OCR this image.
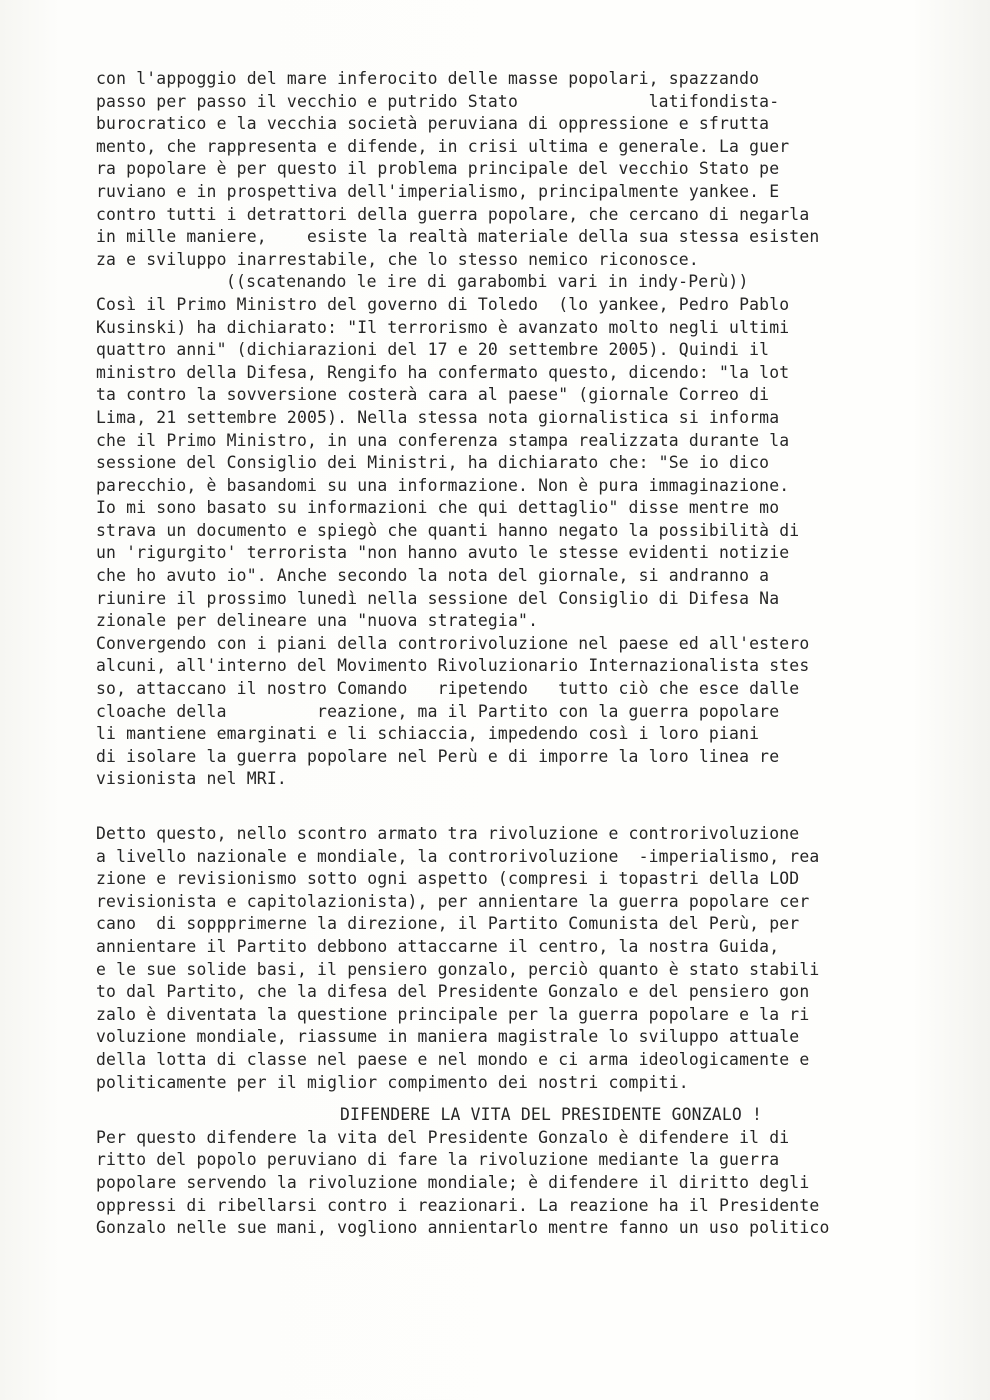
con l'appoggio del mare inferocito delle masse popolari, spazzando
passo per passo il vecchio e putrido Stato             latifondista-
burocratico e la vecchia società peruviana di oppressione e sfrutta
mento, che rappresenta e difende, in crisi ultima e generale. La guer
ra popolare è per questo il problema principale del vecchio Stato pe
ruviano e in prospettiva dell'imperialismo, principalmente yankee. E
contro tutti i detrattori della guerra popolare, che cercano di negarla
in mille maniere,    esiste la realtà materiale della sua stessa esisten
za e sviluppo inarrestabile, che lo stesso nemico riconosce.
((scatenando le ire di garabombi vari in indy-Perù))
Così il Primo Ministro del governo di Toledo  (lo yankee, Pedro Pablo
Kusinski) ha dichiarato: "Il terrorismo è avanzato molto negli ultimi
quattro anni" (dichiarazioni del 17 e 20 settembre 2005). Quindi il
ministro della Difesa, Rengifo ha confermato questo, dicendo: "la lot
ta contro la sovversione costerà cara al paese" (giornale Correo di
Lima, 21 settembre 2005). Nella stessa nota giornalistica si informa
che il Primo Ministro, in una conferenza stampa realizzata durante la
sessione del Consiglio dei Ministri, ha dichiarato che: "Se io dico
parecchio, è basandomi su una informazione. Non è pura immaginazione.
Io mi sono basato su informazioni che qui dettaglio" disse mentre mo
strava un documento e spiegò che quanti hanno negato la possibilità di
un 'rigurgito' terrorista "non hanno avuto le stesse evidenti notizie
che ho avuto io". Anche secondo la nota del giornale, si andranno a
riunire il prossimo lunedì nella sessione del Consiglio di Difesa Na
zionale per delineare una "nuova strategia".
Convergendo con i piani della controrivoluzione nel paese ed all'estero
alcuni, all'interno del Movimento Rivoluzionario Internazionalista stes
so, attaccano il nostro Comando   ripetendo   tutto ciò che esce dalle
cloache della         reazione, ma il Partito con la guerra popolare
li mantiene emarginati e li schiaccia, impedendo così i loro piani
di isolare la guerra popolare nel Perù e di imporre la loro linea re
visionista nel MRI.
Detto questo, nello scontro armato tra rivoluzione e controrivoluzione
a livello nazionale e mondiale, la controrivoluzione  -imperialismo, rea
zione e revisionismo sotto ogni aspetto (compresi i topastri della LOD
revisionista e capitolazionista), per annientare la guerra popolare cer
cano  di soppprimerne la direzione, il Partito Comunista del Perù, per
annientare il Partito debbono attaccarne il centro, la nostra Guida,
e le sue solide basi, il pensiero gonzalo, perciò quanto è stato stabili
to dal Partito, che la difesa del Presidente Gonzalo e del pensiero gon
zalo è diventata la questione principale per la guerra popolare e la ri
voluzione mondiale, riassume in maniera magistrale lo sviluppo attuale
della lotta di classe nel paese e nel mondo e ci arma ideologicamente e
politicamente per il miglior compimento dei nostri compiti.
DIFENDERE LA VITA DEL PRESIDENTE GONZALO !
Per questo difendere la vita del Presidente Gonzalo è difendere il di
ritto del popolo peruviano di fare la rivoluzione mediante la guerra
popolare servendo la rivoluzione mondiale; è difendere il diritto degli
oppressi di ribellarsi contro i reazionari. La reazione ha il Presidente
Gonzalo nelle sue mani, vogliono annientarlo mentre fanno un uso politico
